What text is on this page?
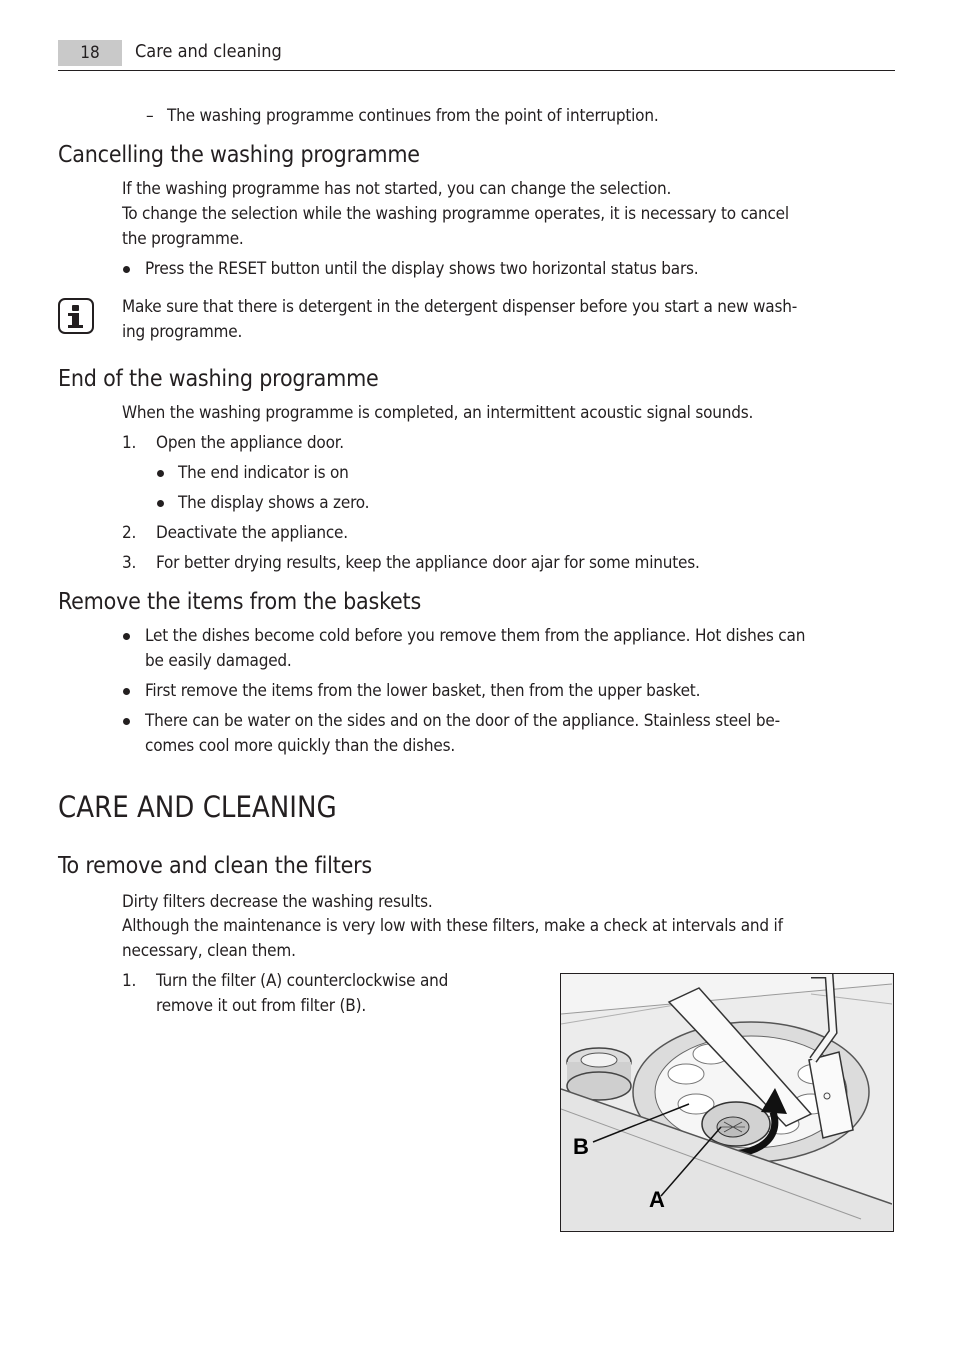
18	Care and cleaning
– The washing programme continues from the point of interruption.
Cancelling the washing programme
If the washing programme has not started, you can change the selection.
To change the selection while the washing programme operates, it is necessary to cancel
the programme.
Press the RESET button until the display shows two horizontal status bars.
Make sure that there is detergent in the detergent dispenser before you start a new wash-
ing programme.
End of the washing programme
When the washing programme is completed, an intermittent acoustic signal sounds.
1. Open the appliance door.
The end indicator is on
The display shows a zero.
2. Deactivate the appliance.
3. For better drying results, keep the appliance door ajar for some minutes.
Remove the items from the baskets
Let the dishes become cold before you remove them from the appliance. Hot dishes can
be easily damaged.
First remove the items from the lower basket, then from the upper basket.
There can be water on the sides and on the door of the appliance. Stainless steel be-
comes cool more quickly than the dishes.
CARE AND CLEANING
To remove and clean the filters
Dirty filters decrease the washing results.
Although the maintenance is very low with these filters, make a check at intervals and if
necessary, clean them.
1. Turn the filter (A) counterclockwise and
remove it out from filter (B).
B
A
